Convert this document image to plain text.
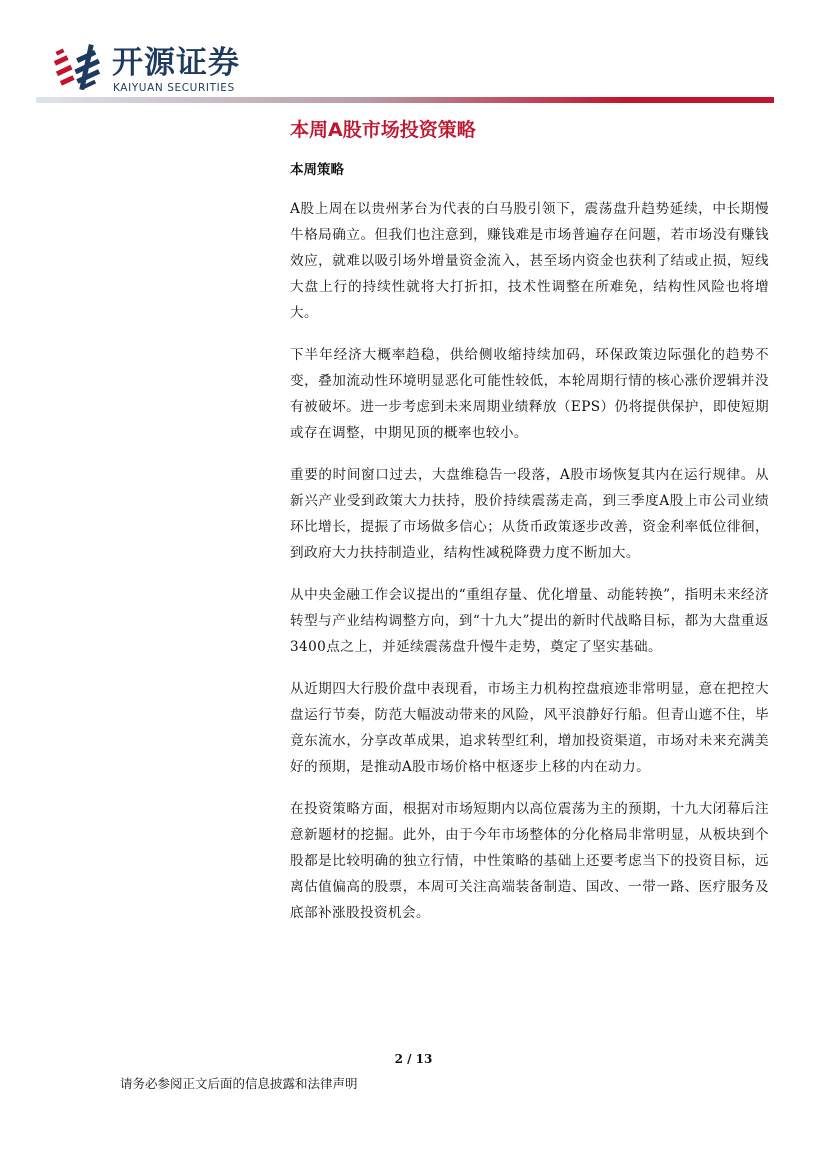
开源证券
KAIYUAN SECURITIES
本周A股市场投资策略
本周策略

A股上周在以贵州茅台为代表的白马股引领下，震荡盘升趋势延续，中长期慢牛格局确立。但我们也注意到，赚钱难是市场普遍存在问题，若市场没有赚钱效应，就难以吸引场外增量资金流入，甚至场内资金也获利了结或止损，短线大盘上行的持续性就将大打折扣，技术性调整在所难免，结构性风险也将增大。

下半年经济大概率趋稳，供给侧收缩持续加码，环保政策边际强化的趋势不变，叠加流动性环境明显恶化可能性较低，本轮周期行情的核心涨价逻辑并没有被破坏。进一步考虑到未来周期业绩释放（EPS）仍将提供保护，即使短期或存在调整，中期见顶的概率也较小。

重要的时间窗口过去，大盘维稳告一段落，A股市场恢复其内在运行规律。从新兴产业受到政策大力扶持，股价持续震荡走高，到三季度A股上市公司业绩环比增长，提振了市场做多信心；从货币政策逐步改善，资金利率低位徘徊，到政府大力扶持制造业，结构性减税降费力度不断加大。

从中央金融工作会议提出的“重组存量、优化增量、动能转换”，指明未来经济转型与产业结构调整方向，到“十九大”提出的新时代战略目标，都为大盘重返3400点之上，并延续震荡盘升慢牛走势，奠定了坚实基础。

从近期四大行股价盘中表现看，市场主力机构控盘痕迹非常明显，意在把控大盘运行节奏，防范大幅波动带来的风险，风平浪静好行船。但青山遮不住，毕竟东流水，分享改革成果，追求转型红利，增加投资渠道，市场对未来充满美好的预期，是推动A股市场价格中枢逐步上移的内在动力。

在投资策略方面，根据对市场短期内以高位震荡为主的预期，十九大闭幕后注意新题材的挖掘。此外，由于今年市场整体的分化格局非常明显，从板块到个股都是比较明确的独立行情，中性策略的基础上还要考虑当下的投资目标，远离估值偏高的股票，本周可关注高端装备制造、国改、一带一路、医疗服务及底部补涨股投资机会。

2 / 13
请务必参阅正文后面的信息披露和法律声明
